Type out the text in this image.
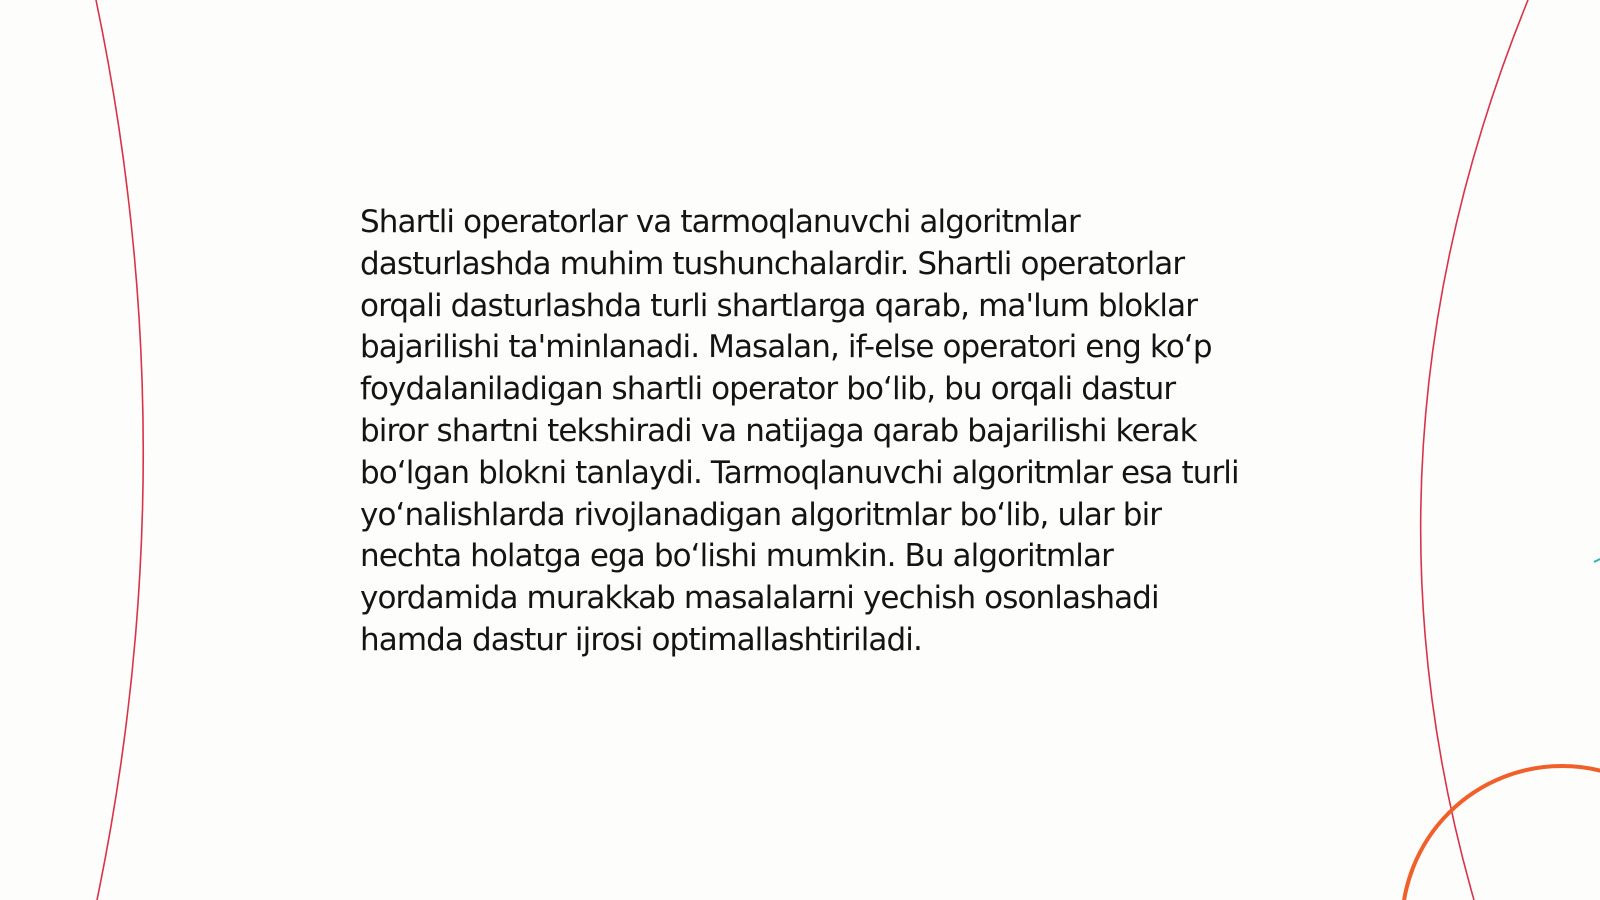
Shartli operatorlar va tarmoqlanuvchi algoritmlar dasturlashda muhim tushunchalardir. Shartli operatorlar orqali dasturlashda turli shartlarga qarab, ma'lum bloklar bajarilishi ta'minlanadi. Masalan, if-else operatori eng ko‘p foydalaniladigan shartli operator bo‘lib, bu orqali dastur biror shartni tekshiradi va natijaga qarab bajarilishi kerak bo‘lgan blokni tanlaydi. Tarmoqlanuvchi algoritmlar esa turli yo‘nalishlarda rivojlanadigan algoritmlar bo‘lib, ular bir nechta holatga ega bo‘lishi mumkin. Bu algoritmlar yordamida murakkab masalalarni yechish osonlashadi hamda dastur ijrosi optimallashtiriladi.
